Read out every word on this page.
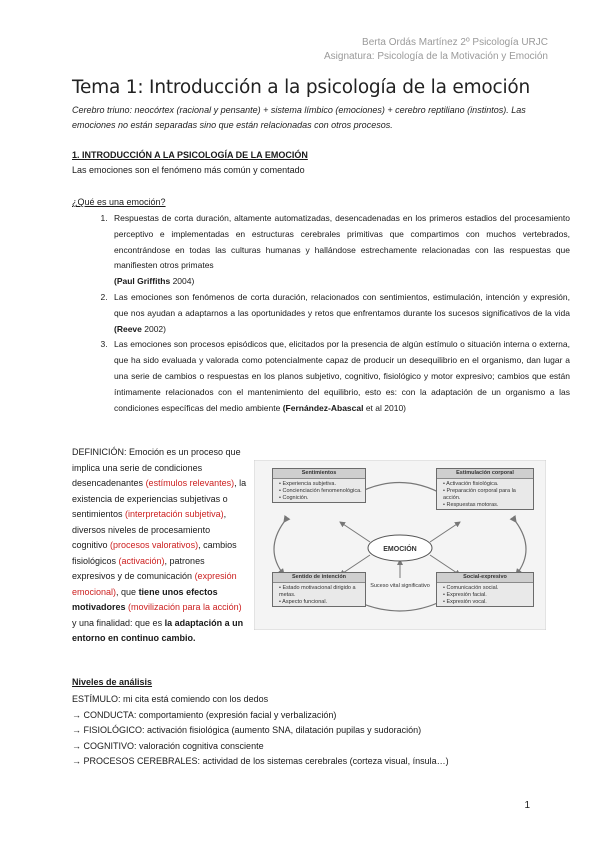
Berta Ordás Martínez 2º Psicología URJC
Asignatura: Psicología de la Motivación y Emoción
Tema 1: Introducción a la psicología de la emoción
Cerebro triuno: neocórtex (racional y pensante) + sistema límbico (emociones) + cerebro reptiliano (instintos). Las emociones no están separadas sino que están relacionadas con otros procesos.
1. INTRODUCCIÓN A LA PSICOLOGÍA DE LA EMOCIÓN
Las emociones son el fenómeno más común y comentado
¿Qué es una emoción?
1. Respuestas de corta duración, altamente automatizadas, desencadenadas en los primeros estadios del procesamiento perceptivo e implementadas en estructuras cerebrales primitivas que compartimos con muchos vertebrados, encontrándose en todas las culturas humanas y hallándose estrechamente relacionadas con las respuestas que manifiesten otros primates
(Paul Griffiths 2004)
2. Las emociones son fenómenos de corta duración, relacionados con sentimientos, estimulación, intención y expresión, que nos ayudan a adaptarnos a las oportunidades y retos que enfrentamos durante los sucesos significativos de la vida (Reeve 2002)
3. Las emociones son procesos episódicos que, elicitados por la presencia de algún estímulo o situación interna o externa, que ha sido evaluada y valorada como potencialmente capaz de producir un desequilibrio en el organismo, dan lugar a una serie de cambios o respuestas en los planos subjetivo, cognitivo, fisiológico y motor expresivo; cambios que están íntimamente relacionados con el mantenimiento del equilibrio, esto es: con la adaptación de un organismo a las condiciones específicas del medio ambiente (Fernández-Abascal et al 2010)
DEFINICIÓN: Emoción es un proceso que implica una serie de condiciones desencadenantes (estímulos relevantes), la existencia de experiencias subjetivas o sentimientos (interpretación subjetiva), diversos niveles de procesamiento cognitivo (procesos valorativos), cambios fisiológicos (activación), patrones expresivos y de comunicación (expresión emocional), que tiene unos efectos motivadores (movilización para la acción) y una finalidad: que es la adaptación a un entorno en continuo cambio.
EMOCIÓN
Suceso vital significativo
Sentimientos
• Experiencia subjetiva.
• Concienciación fenomenológica.
• Cognición.
Estimulación corporal
• Activación fisiológica.
• Preparación corporal para la acción.
• Respuestas motoras.
Sentido de intención
• Estado motivacional dirigido a metas.
• Aspecto funcional.
Social-expresivo
• Comunicación social.
• Expresión facial.
• Expresión vocal.
Niveles de análisis
ESTÍMULO: mi cita está comiendo con los dedos
→ CONDUCTA: comportamiento (expresión facial y verbalización)
→ FISIOLÓGICO: activación fisiológica (aumento SNA, dilatación pupilas y sudoración)
→ COGNITIVO: valoración cognitiva consciente
→ PROCESOS CEREBRALES: actividad de los sistemas cerebrales (corteza visual, ínsula…)
1
